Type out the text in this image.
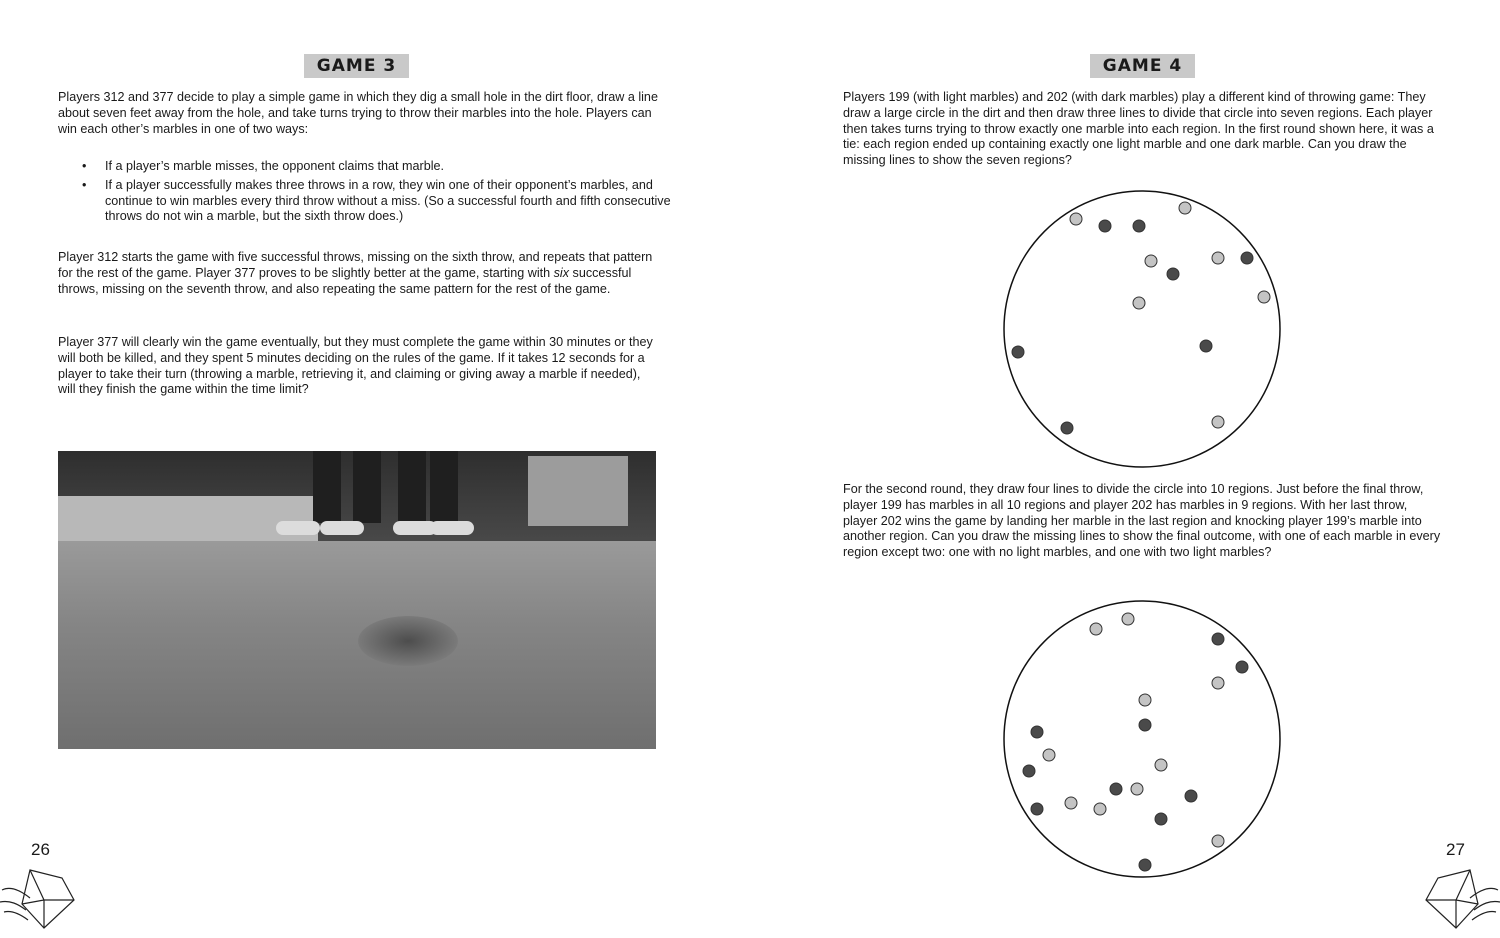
GAME 3

Players 312 and 377 decide to play a simple game in which they dig a small hole in the dirt floor, draw a line about seven feet away from the hole, and take turns trying to throw their marbles into the hole. Players can win each other’s marbles in one of two ways:

• If a player’s marble misses, the opponent claims that marble.
• If a player successfully makes three throws in a row, they win one of their opponent’s marbles, and continue to win marbles every third throw without a miss. (So a successful fourth and fifth consecutive throws do not win a marble, but the sixth throw does.)

Player 312 starts the game with five successful throws, missing on the sixth throw, and repeats that pattern for the rest of the game. Player 377 proves to be slightly better at the game, starting with six successful throws, missing on the seventh throw, and also repeating the same pattern for the rest of the game.

Player 377 will clearly win the game eventually, but they must complete the game within 30 minutes or they will both be killed, and they spent 5 minutes deciding on the rules of the game. If it takes 12 seconds for a player to take their turn (throwing a marble, retrieving it, and claiming or giving away a marble if needed), will they finish the game within the time limit?

26
GAME 4

Players 199 (with light marbles) and 202 (with dark marbles) play a different kind of throwing game: They draw a large circle in the dirt and then draw three lines to divide that circle into seven regions. Each player then takes turns trying to throw exactly one marble into each region. In the first round shown here, it was a tie: each region ended up containing exactly one light marble and one dark marble. Can you draw the missing lines to show the seven regions?

For the second round, they draw four lines to divide the circle into 10 regions. Just before the final throw, player 199 has marbles in all 10 regions and player 202 has marbles in 9 regions. With her last throw, player 202 wins the game by landing her marble in the last region and knocking player 199’s marble into another region. Can you draw the missing lines to show the final outcome, with one of each marble in every region except two: one with no light marbles, and one with two light marbles?

27
